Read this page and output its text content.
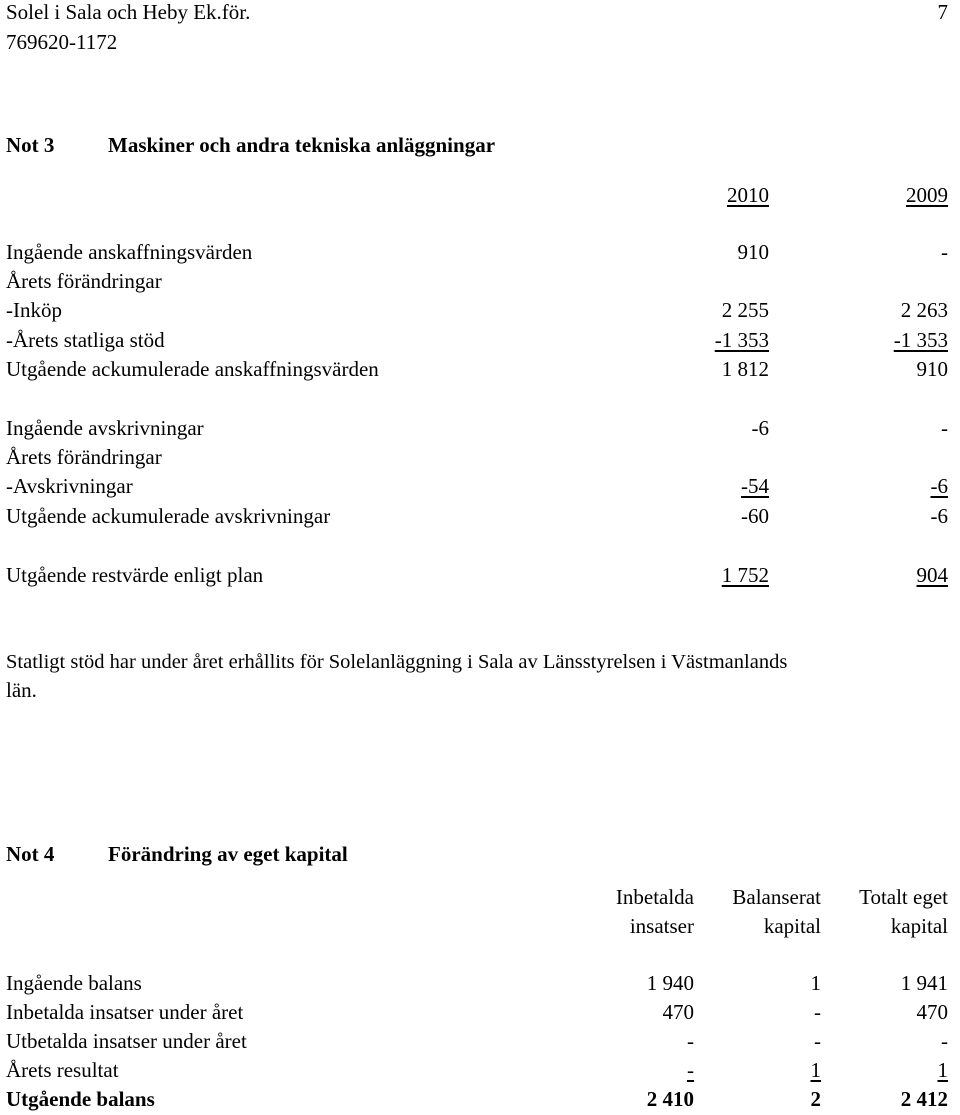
Solel i Sala och Heby Ek.för.
769620-1172
7
Not 3	Maskiner och andra tekniska anläggningar
2010	2009
Ingående anskaffningsvärden	910	-
Årets förändringar
-Inköp	2 255	2 263
-Årets statliga stöd	-1 353	-1 353
Utgående ackumulerade anskaffningsvärden	1 812	910
Ingående avskrivningar	-6	-
Årets förändringar
-Avskrivningar	-54	-6
Utgående ackumulerade avskrivningar	-60	-6
Utgående restvärde enligt plan	1 752	904
Statligt stöd har under året erhållits för Solelanläggning i Sala av Länsstyrelsen i Västmanlands
län.
Not 4	Förändring av eget kapital
Inbetalda
insatser
Balanserat
kapital
Totalt eget
kapital
Ingående balans	1 940	1	1 941
Inbetalda insatser under året	470	-	470
Utbetalda insatser under året	-	-	-
Årets resultat	-	1	1
Utgående balans	2 410	2	2 412
